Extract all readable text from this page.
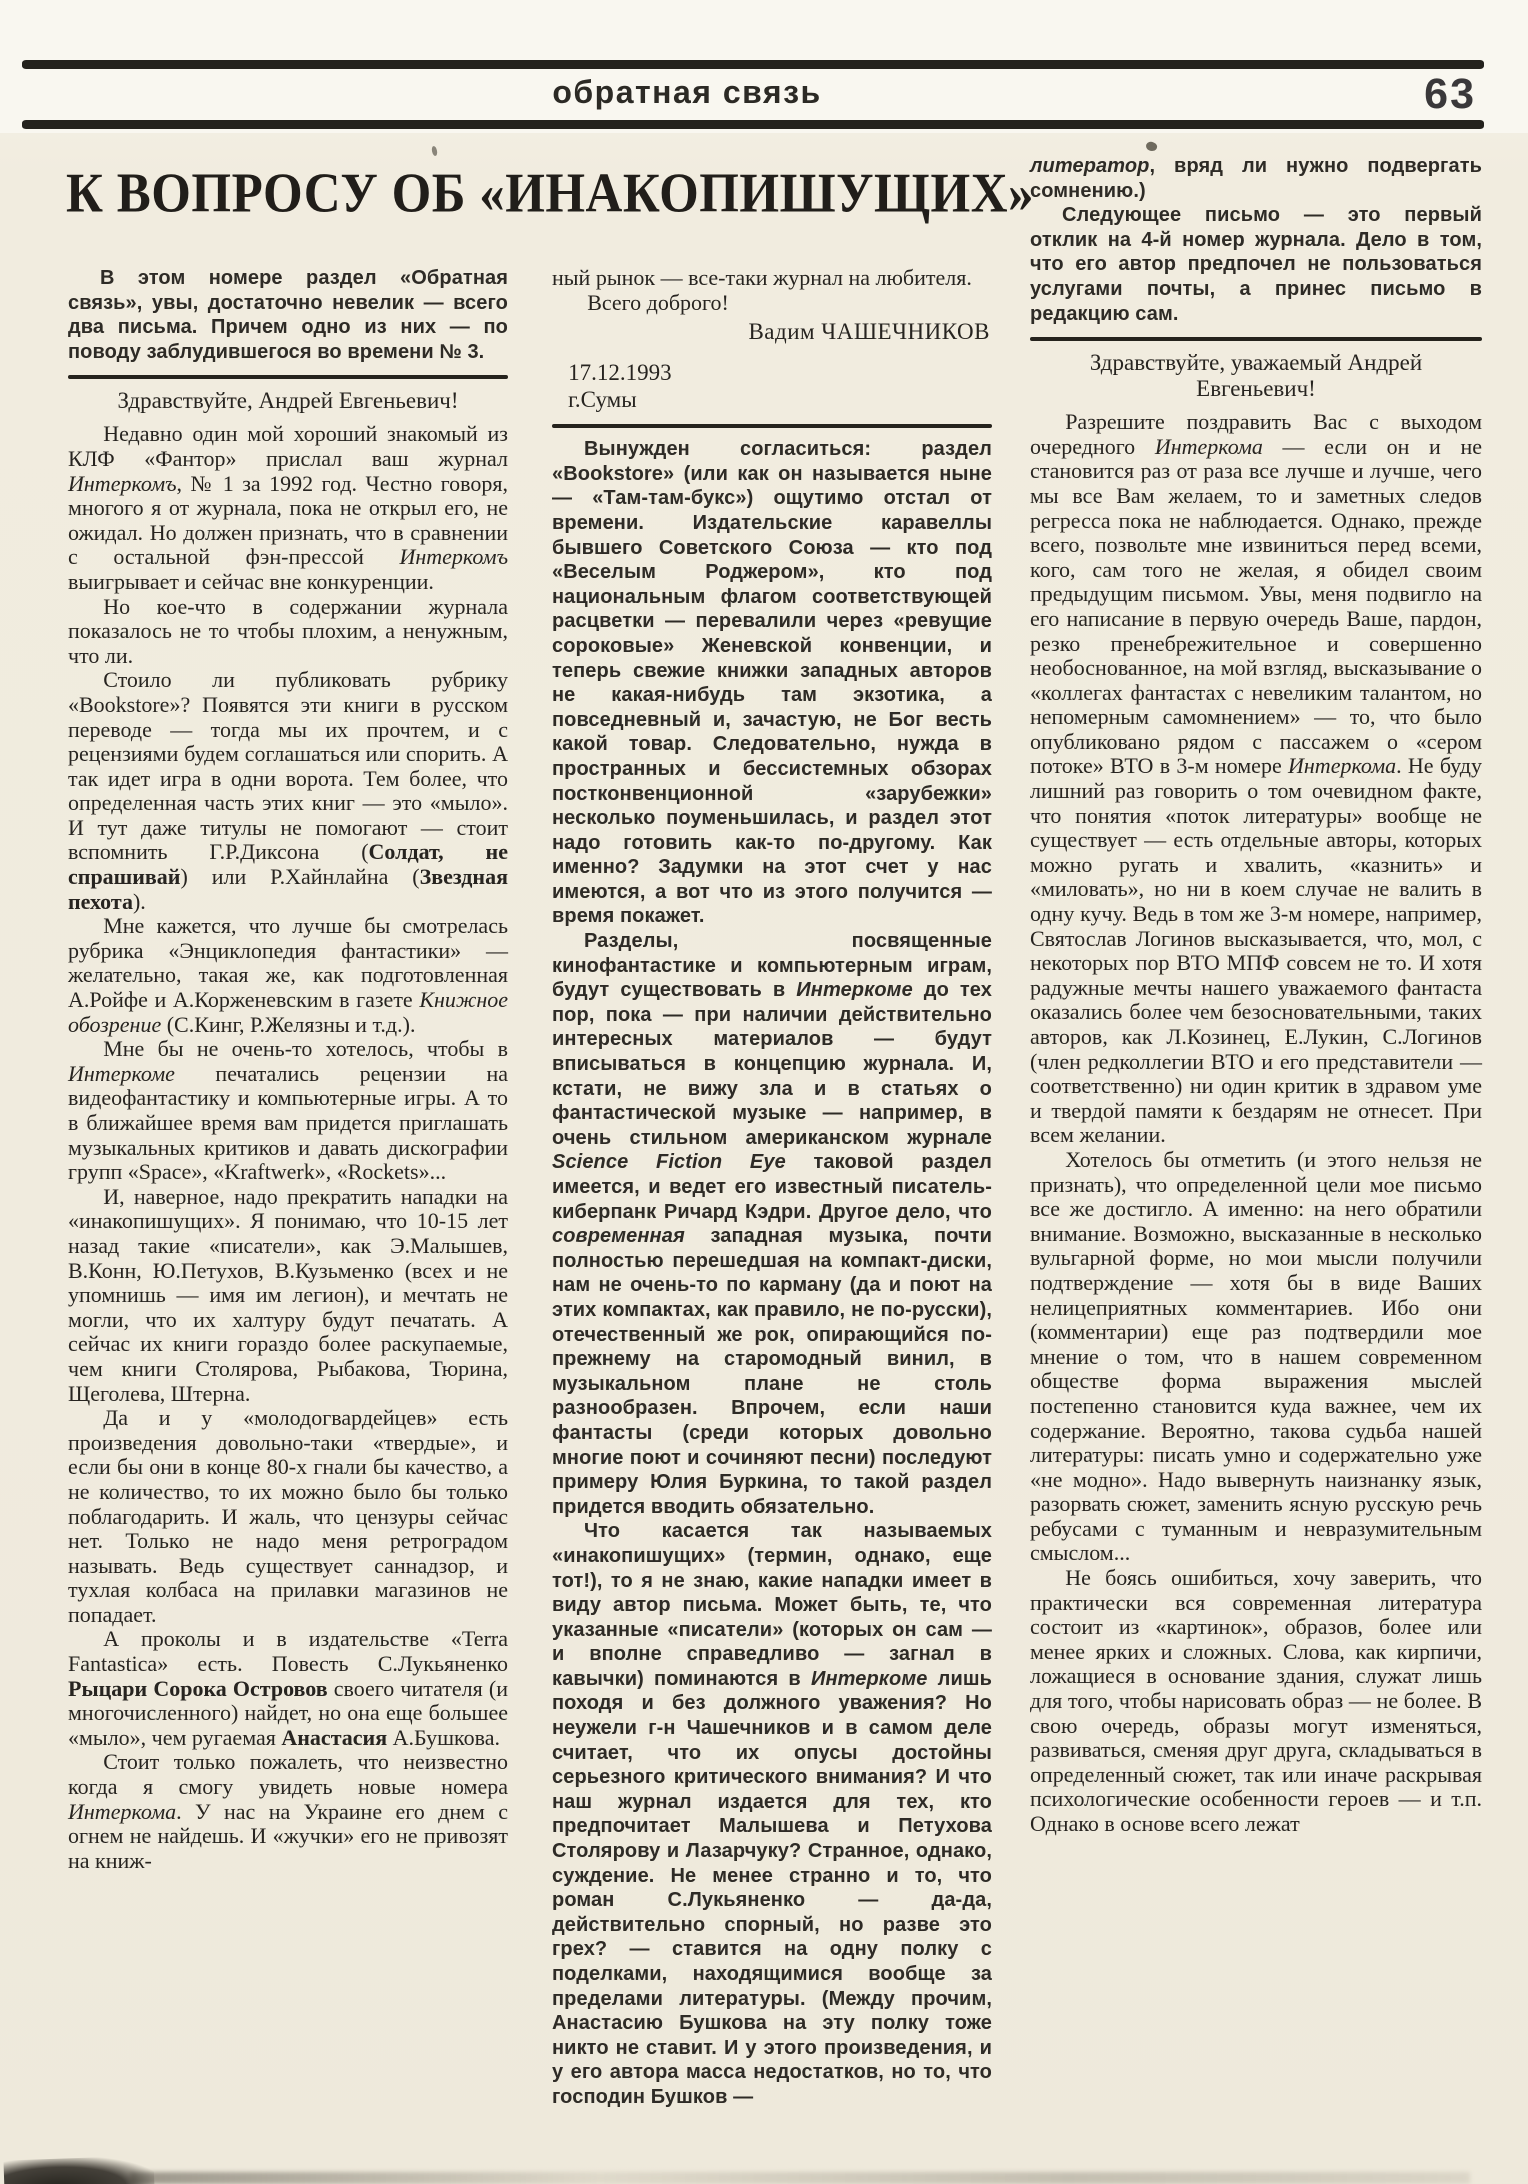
обратная связь	63
К ВОПРОСУ ОБ «ИНАКОПИШУЩИХ»

В этом номере раздел «Обратная связь», увы, достаточно невелик — всего два письма. Причем одно из них — по поводу заблудившегося во времени № 3.

Здравствуйте, Андрей Евгеньевич!

Недавно один мой хороший знакомый из КЛФ «Фантор» прислал ваш журнал Интеркомъ, № 1 за 1992 год. Честно говоря, многого я от журнала, пока не открыл его, не ожидал. Но должен признать, что в сравнении с остальной фэн-прессой Интеркомъ выигрывает и сейчас вне конкуренции.

Но кое-что в содержании журнала показалось не то чтобы плохим, а ненужным, что ли.

Стоило ли публиковать рубрику «Bookstore»? Появятся эти книги в русском переводе — тогда мы их прочтем, и с рецензиями будем соглашаться или спорить. А так идет игра в одни ворота. Тем более, что определенная часть этих книг — это «мыло». И тут даже титулы не помогают — стоит вспомнить Г.Р.Диксона (Солдат, не спрашивай) или Р.Хайнлайна (Звездная пехота).

Мне кажется, что лучше бы смотрелась рубрика «Энциклопедия фантастики» — желательно, такая же, как подготовленная А.Ройфе и А.Корженевским в газете Книжное обозрение (С.Кинг, Р.Желязны и т.д.).

Мне бы не очень-то хотелось, чтобы в Интеркоме печатались рецензии на видеофантастику и компьютерные игры. А то в ближайшее время вам придется приглашать музыкальных критиков и давать дискографии групп «Space», «Kraftwerk», «Rockets»...

И, наверное, надо прекратить нападки на «инакопишущих». Я понимаю, что 10-15 лет назад такие «писатели», как Э.Малышев, В.Конн, Ю.Петухов, В.Кузьменко (всех и не упомнишь — имя им легион), и мечтать не могли, что их халтуру будут печатать. А сейчас их книги гораздо более раскупаемые, чем книги Столярова, Рыбакова, Тюрина, Щеголева, Штерна.

Да и у «молодогвардейцев» есть произведения довольно-таки «твердые», и если бы они в конце 80-х гнали бы качество, а не количество, то их можно было бы только поблагодарить. И жаль, что цензуры сейчас нет. Только не надо меня ретроградом называть. Ведь существует саннадзор, и тухлая колбаса на прилавки магазинов не попадает.

А проколы и в издательстве «Terra Fantastica» есть. Повесть С.Лукьяненко Рыцари Сорока Островов своего читателя (и многочисленного) найдет, но она еще большее «мыло», чем ругаемая Анастасия А.Бушкова.

Стоит только пожалеть, что неизвестно когда я смогу увидеть новые номера Интеркома. У нас на Украине его днем с огнем не найдешь. И «жучки» его не привозят на книж-

ный рынок — все-таки журнал на любителя.

Всего доброго!

Вадим ЧАШЕЧНИКОВ
17.12.1993
г.Сумы

Вынужден согласиться: раздел «Bookstore» (или как он называется ныне — «Там-там-букс») ощутимо отстал от времени. Издательские каравеллы бывшего Советского Союза — кто под «Веселым Роджером», кто под национальным флагом соответствующей расцветки — перевалили через «ревущие сороковые» Женевской конвенции, и теперь свежие книжки западных авторов не какая-нибудь там экзотика, а повседневный и, зачастую, не Бог весть какой товар. Следовательно, нужда в пространных и бессистемных обзорах постконвенционной «зарубежки» несколько поуменьшилась, и раздел этот надо готовить как-то по-другому. Как именно? Задумки на этот счет у нас имеются, а вот что из этого получится — время покажет.

Разделы, посвященные кинофантастике и компьютерным играм, будут существовать в Интеркоме до тех пор, пока — при наличии действительно интересных материалов — будут вписываться в концепцию журнала. И, кстати, не вижу зла и в статьях о фантастической музыке — например, в очень стильном американском журнале Science Fiction Eye таковой раздел имеется, и ведет его известный писатель-киберпанк Ричард Кэдри. Другое дело, что современная западная музыка, почти полностью перешедшая на компакт-диски, нам не очень-то по карману (да и поют на этих компактах, как правило, не по-русски), отечественный же рок, опирающийся по-прежнему на старомодный винил, в музыкальном плане не столь разнообразен. Впрочем, если наши фантасты (среди которых довольно многие поют и сочиняют песни) последуют примеру Юлия Буркина, то такой раздел придется вводить обязательно.

Что касается так называемых «инакопишущих» (термин, однако, еще тот!), то я не знаю, какие нападки имеет в виду автор письма. Может быть, те, что указанные «писатели» (которых он сам — и вполне справедливо — загнал в кавычки) поминаются в Интеркоме лишь походя и без должного уважения? Но неужели г-н Чашечников и в самом деле считает, что их опусы достойны серьезного критического внимания? И что наш журнал издается для тех, кто предпочитает Малышева и Петухова Столярову и Лазарчуку? Странное, однако, суждение. Не менее странно и то, что роман С.Лукьяненко — да-да, действительно спорный, но разве это грех? — ставится на одну полку с поделками, находящимися вообще за пределами литературы. (Между прочим, Анастасию Бушкова на эту полку тоже никто не ставит. И у этого произведения, и у его автора масса недостатков, но то, что господин Бушков —

литератор, вряд ли нужно подвергать сомнению.)

Следующее письмо — это первый отклик на 4-й номер журнала. Дело в том, что его автор предпочел не пользоваться услугами почты, а принес письмо в редакцию сам.

Здравствуйте, уважаемый Андрей Евгеньевич!

Разрешите поздравить Вас с выходом очередного Интеркома — если он и не становится раз от раза все лучше и лучше, чего мы все Вам желаем, то и заметных следов регресса пока не наблюдается. Однако, прежде всего, позвольте мне извиниться перед всеми, кого, сам того не желая, я обидел своим предыдущим письмом. Увы, меня подвигло на его написание в первую очередь Ваше, пардон, резко пренебрежительное и совершенно необоснованное, на мой взгляд, высказывание о «коллегах фантастах с невеликим талантом, но непомерным самомнением» — то, что было опубликовано рядом с пассажем о «сером потоке» ВТО в 3-м номере Интеркома. Не буду лишний раз говорить о том очевидном факте, что понятия «поток литературы» вообще не существует — есть отдельные авторы, которых можно ругать и хвалить, «казнить» и «миловать», но ни в коем случае не валить в одну кучу. Ведь в том же 3-м номере, например, Святослав Логинов высказывается, что, мол, с некоторых пор ВТО МПФ совсем не то. И хотя радужные мечты нашего уважаемого фантаста оказались более чем безосновательными, таких авторов, как Л.Козинец, Е.Лукин, С.Логинов (член редколлегии ВТО и его представители — соответственно) ни один критик в здравом уме и твердой памяти к бездарям не отнесет. При всем желании.

Хотелось бы отметить (и этого нельзя не признать), что определенной цели мое письмо все же достигло. А именно: на него обратили внимание. Возможно, высказанные в несколько вульгарной форме, но мои мысли получили подтверждение — хотя бы в виде Ваших нелицеприятных комментариев. Ибо они (комментарии) еще раз подтвердили мое мнение о том, что в нашем современном обществе форма выражения мыслей постепенно становится куда важнее, чем их содержание. Вероятно, такова судьба нашей литературы: писать умно и содержательно уже «не модно». Надо вывернуть наизнанку язык, разорвать сюжет, заменить ясную русскую речь ребусами с туманным и невразумительным смыслом...

Не боясь ошибиться, хочу заверить, что практически вся современная литература состоит из «картинок», образов, более или менее ярких и сложных. Слова, как кирпичи, ложащиеся в основание здания, служат лишь для того, чтобы нарисовать образ — не более. В свою очередь, образы могут изменяться, развиваться, сменяя друг друга, складываться в определенный сюжет, так или иначе раскрывая психологические особенности героев — и т.п. Однако в основе всего лежат
